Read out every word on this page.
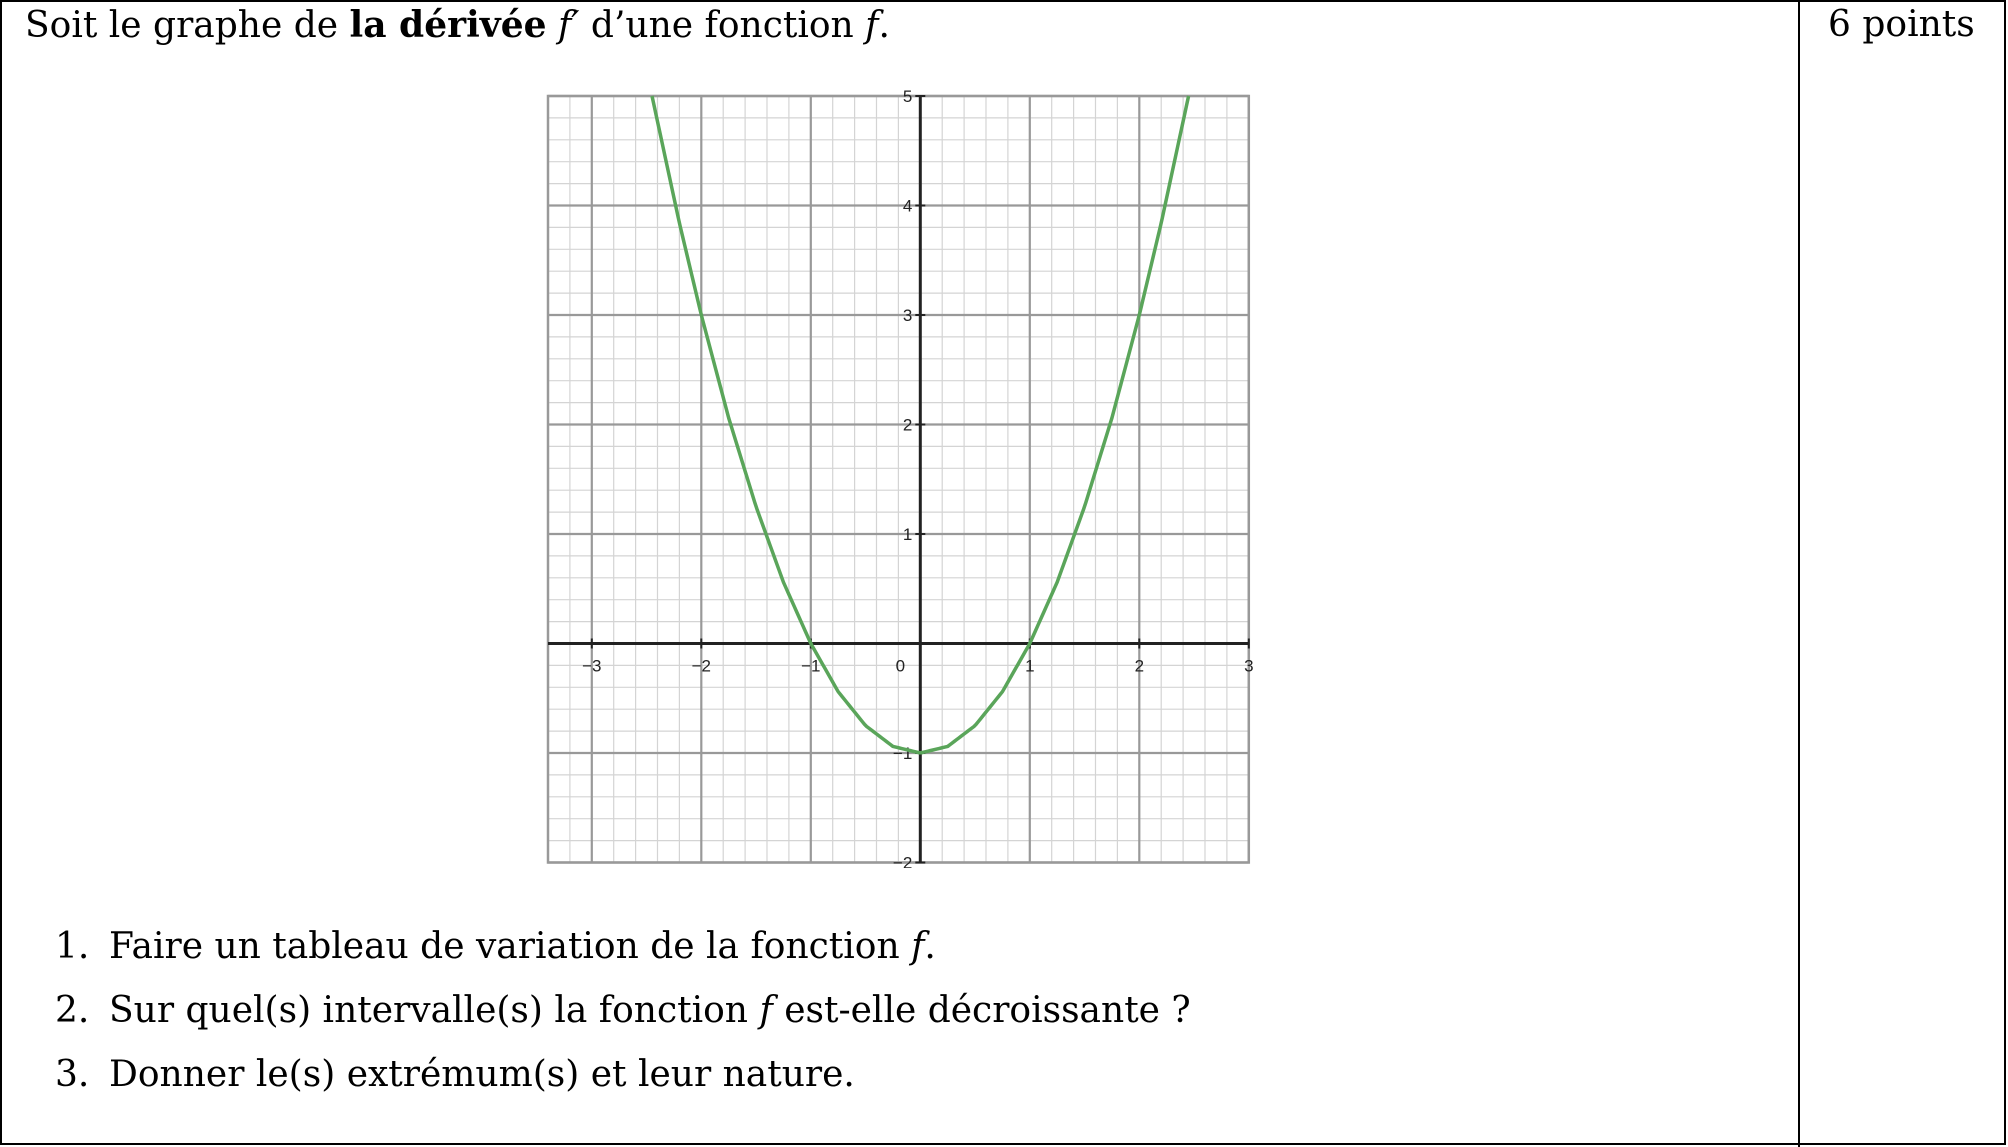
Soit le graphe de la dérivée f′ d’une fonction f.	6 points
−3	−2	−1	0	1	2	3
−2
−1
1
2
3
4
5
1. Faire un tableau de variation de la fonction f.
2. Sur quel(s) intervalle(s) la fonction f est-elle décroissante ?
3. Donner le(s) extrémum(s) et leur nature.
